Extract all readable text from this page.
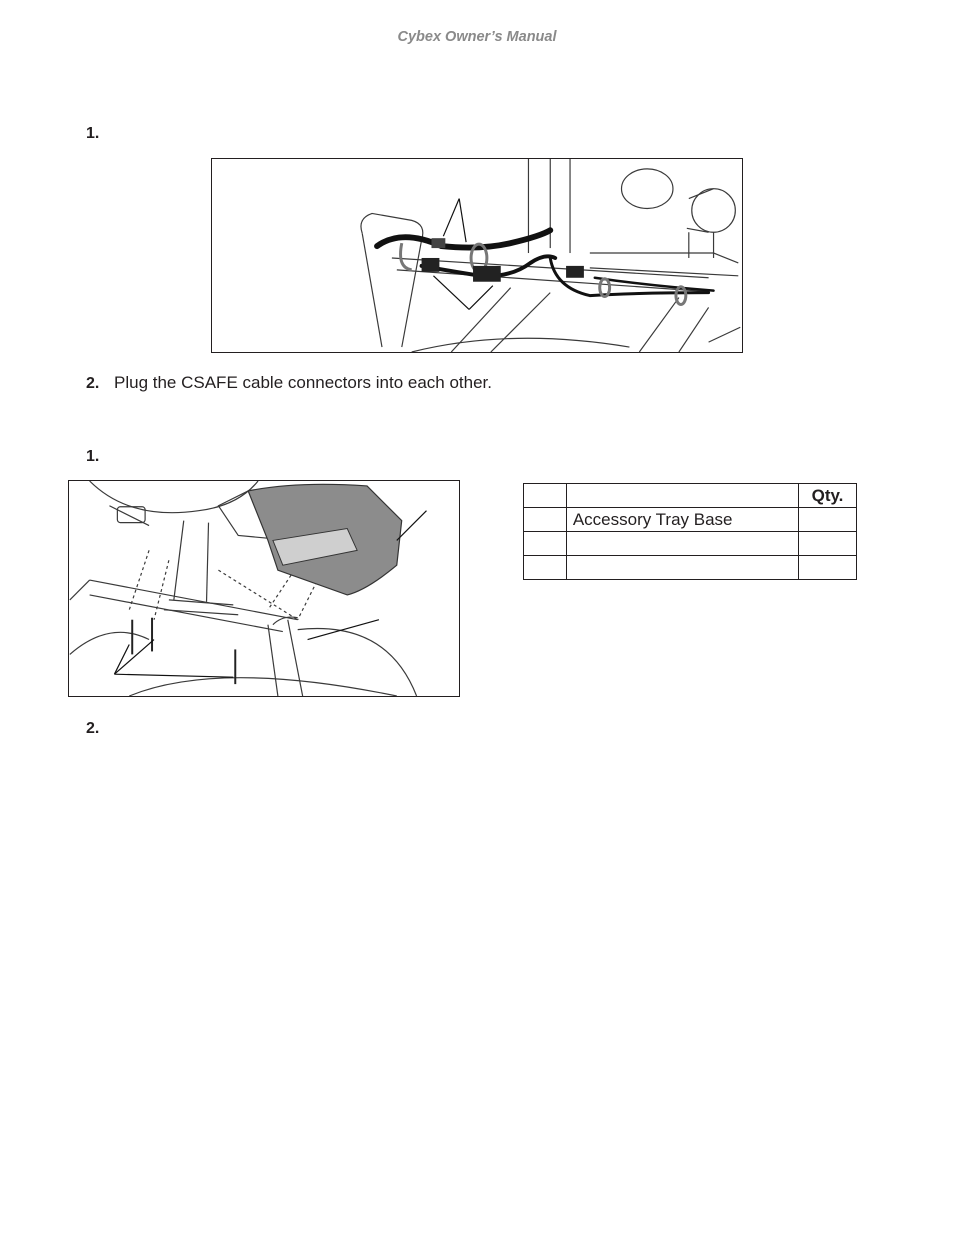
Cybex Owner’s Manual
1.
2. Plug the CSAFE cable connectors into each other.
1.
		Qty.
	Accessory Tray Base	

2.
